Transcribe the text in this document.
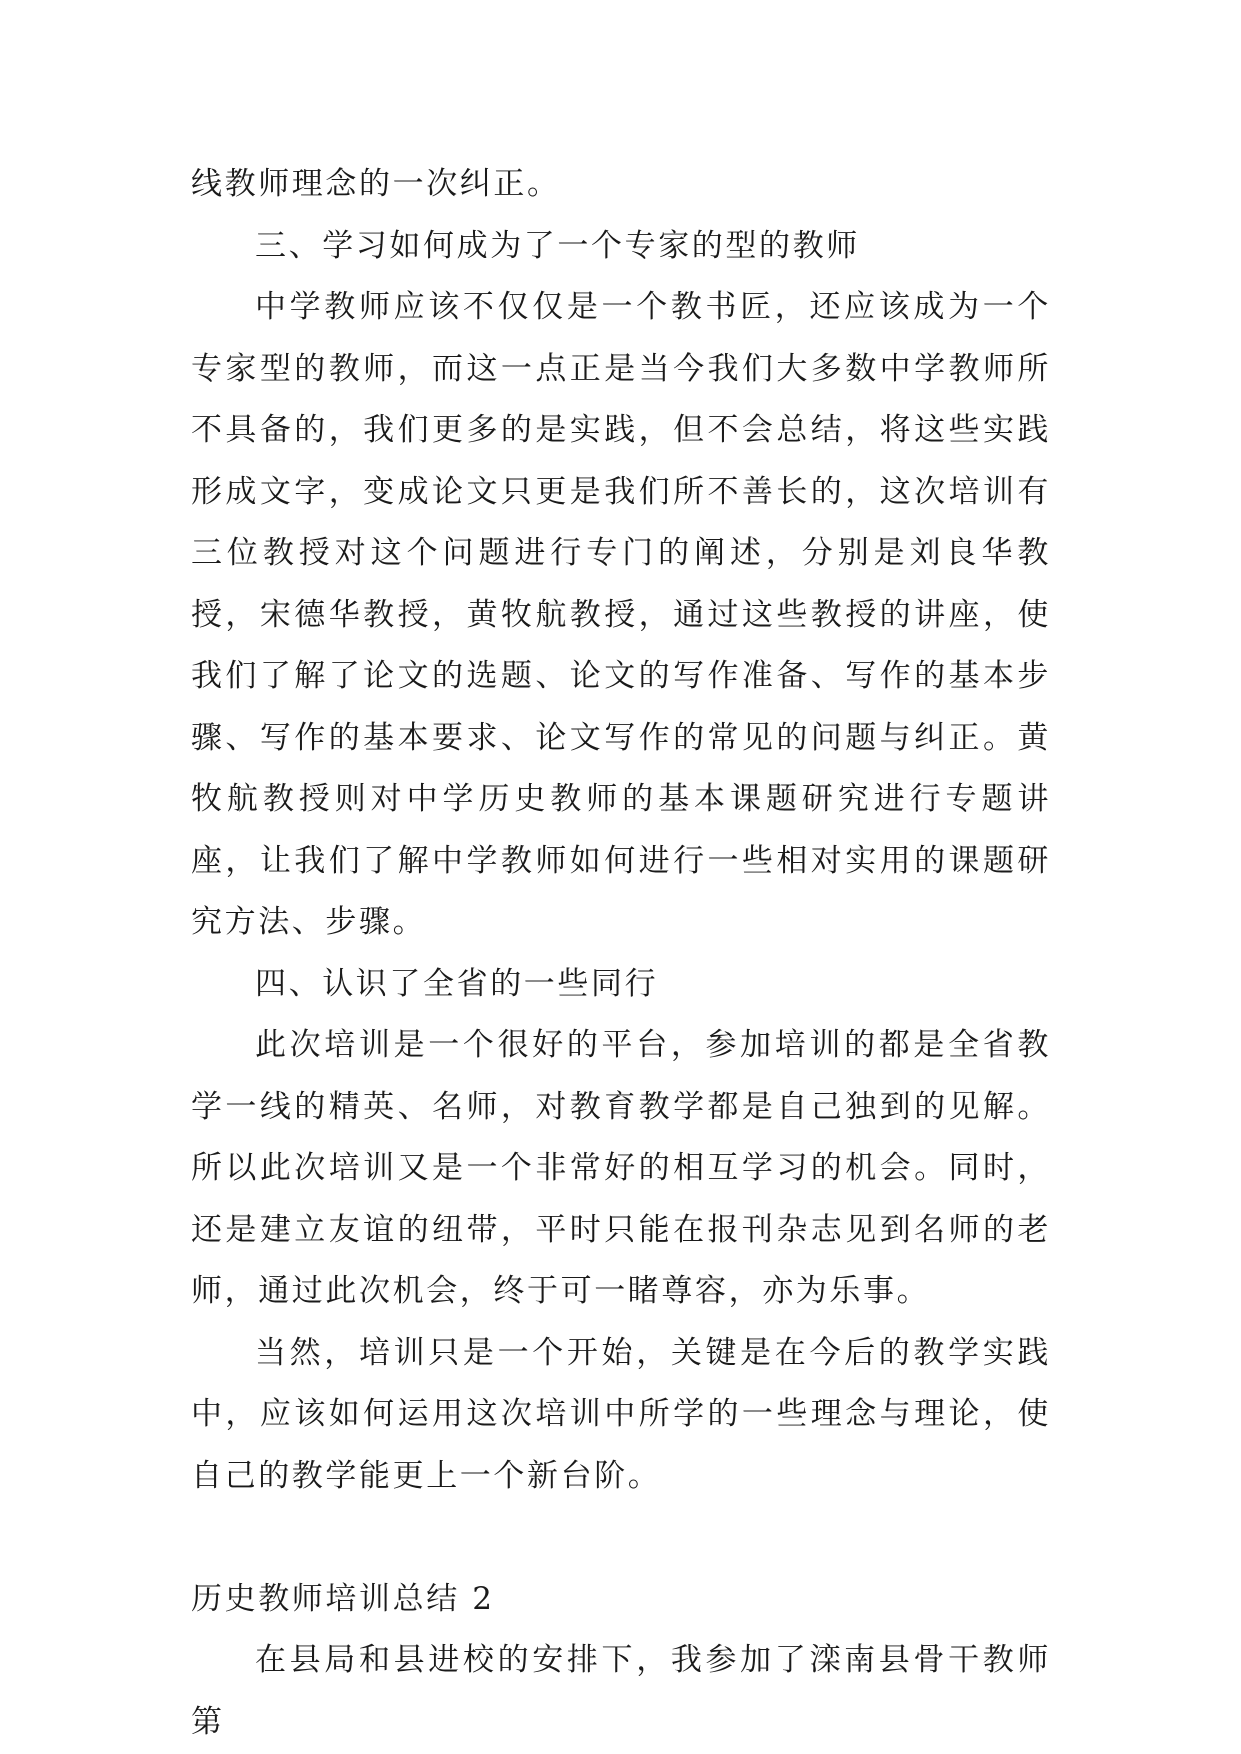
线教师理念的一次纠正。

三、学习如何成为了一个专家的型的教师

中学教师应该不仅仅是一个教书匠，还应该成为一个专家型的教师，而这一点正是当今我们大多数中学教师所不具备的，我们更多的是实践，但不会总结，将这些实践形成文字，变成论文只更是我们所不善长的，这次培训有三位教授对这个问题进行专门的阐述，分别是刘良华教授，宋德华教授，黄牧航教授，通过这些教授的讲座，使我们了解了论文的选题、论文的写作准备、写作的基本步骤、写作的基本要求、论文写作的常见的问题与纠正。黄牧航教授则对中学历史教师的基本课题研究进行专题讲座，让我们了解中学教师如何进行一些相对实用的课题研究方法、步骤。

四、认识了全省的一些同行

此次培训是一个很好的平台，参加培训的都是全省教学一线的精英、名师，对教育教学都是自己独到的见解。所以此次培训又是一个非常好的相互学习的机会。同时，还是建立友谊的纽带，平时只能在报刊杂志见到名师的老师，通过此次机会，终于可一睹尊容，亦为乐事。

当然，培训只是一个开始，关键是在今后的教学实践中，应该如何运用这次培训中所学的一些理念与理论，使自己的教学能更上一个新台阶。

历史教师培训总结 2

在县局和县进校的安排下，我参加了滦南县骨干教师第
